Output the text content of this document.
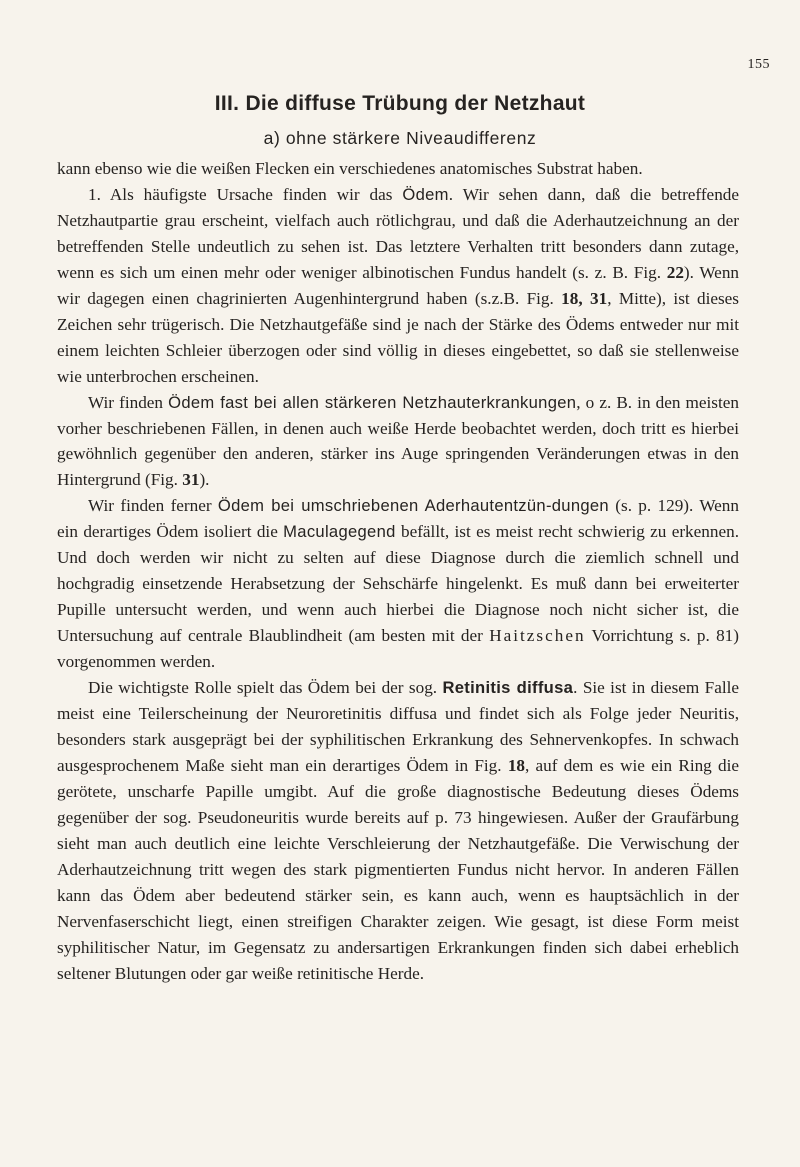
155
III. Die diffuse Trübung der Netzhaut
a) ohne stärkere Niveaudifferenz

kann ebenso wie die weißen Flecken ein verschiedenes anatomisches Substrat haben.

1. Als häufigste Ursache finden wir das Ödem. Wir sehen dann, daß die betreffende Netzhautpartie grau erscheint, vielfach auch rötlichgrau, und daß die Aderhautzeichnung an der betreffenden Stelle undeutlich zu sehen ist. Das letztere Verhalten tritt besonders dann zutage, wenn es sich um einen mehr oder weniger albinotischen Fundus handelt (s. z. B. Fig. 22). Wenn wir dagegen einen chagrinierten Augenhintergrund haben (s.z.B. Fig. 18, 31, Mitte), ist dieses Zeichen sehr trügerisch. Die Netzhautgefäße sind je nach der Stärke des Ödems entweder nur mit einem leichten Schleier überzogen oder sind völlig in dieses eingebettet, so daß sie stellenweise wie unterbrochen erscheinen.

Wir finden Ödem fast bei allen stärkeren Netzhauterkrankungen, o z. B. in den meisten vorher beschriebenen Fällen, in denen auch weiße Herde beobachtet werden, doch tritt es hierbei gewöhnlich gegenüber den anderen, stärker ins Auge springenden Veränderungen etwas in den Hintergrund (Fig. 31).

Wir finden ferner Ödem bei umschriebenen Aderhautentzün-dungen (s. p. 129). Wenn ein derartiges Ödem isoliert die Maculagegend befällt, ist es meist recht schwierig zu erkennen. Und doch werden wir nicht zu selten auf diese Diagnose durch die ziemlich schnell und hochgradig einsetzende Herabsetzung der Sehschärfe hingelenkt. Es muß dann bei erweiterter Pupille untersucht werden, und wenn auch hierbei die Diagnose noch nicht sicher ist, die Untersuchung auf centrale Blaublindheit (am besten mit der Haitzschen Vorrichtung s. p. 81) vorgenommen werden.

Die wichtigste Rolle spielt das Ödem bei der sog. Retinitis diffusa. Sie ist in diesem Falle meist eine Teilerscheinung der Neuroretinitis diffusa und findet sich als Folge jeder Neuritis, besonders stark ausgeprägt bei der syphilitischen Erkrankung des Sehnervenkopfes. In schwach ausgesprochenem Maße sieht man ein derartiges Ödem in Fig. 18, auf dem es wie ein Ring die gerötete, unscharfe Papille umgibt. Auf die große diagnostische Bedeutung dieses Ödems gegenüber der sog. Pseudoneuritis wurde bereits auf p. 73 hingewiesen. Außer der Graufärbung sieht man auch deutlich eine leichte Verschleierung der Netzhautgefäße. Die Verwischung der Aderhautzeichnung tritt wegen des stark pigmentierten Fundus nicht hervor. In anderen Fällen kann das Ödem aber bedeutend stärker sein, es kann auch, wenn es hauptsächlich in der Nervenfaserschicht liegt, einen streifigen Charakter zeigen. Wie gesagt, ist diese Form meist syphilitischer Natur, im Gegensatz zu andersartigen Erkrankungen finden sich dabei erheblich seltener Blutungen oder gar weiße retinitische Herde.
